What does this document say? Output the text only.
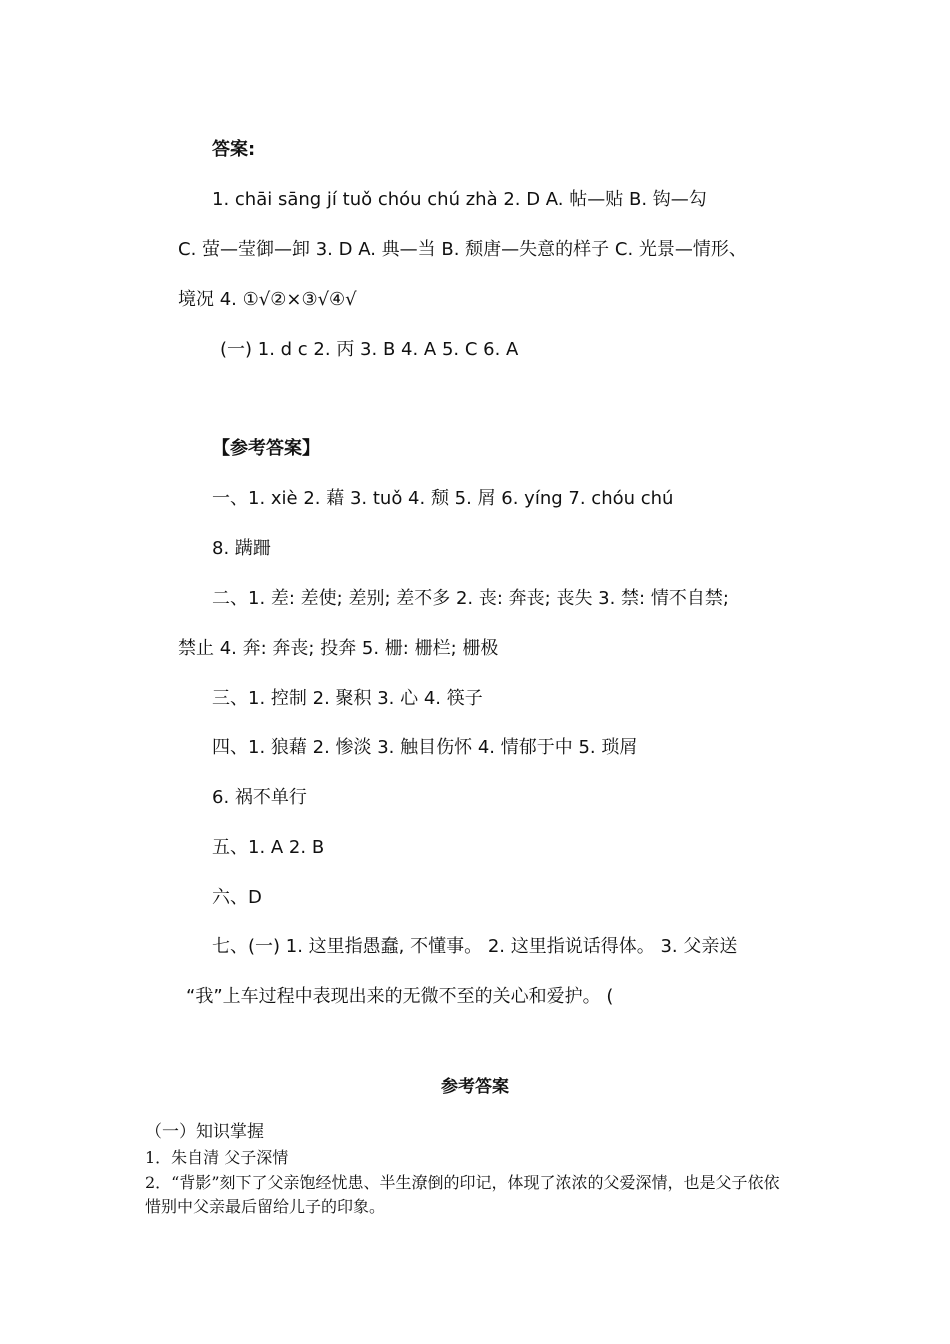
答案:
1. chāi sāng jí tuǒ chóu chú zhà 2. D A. 帖—贴 B. 钩—勾
C. 萤—莹御—卸 3. D A. 典—当 B. 颓唐—失意的样子 C. 光景—情形、
境况 4. ①√②×③√④√
(一) 1. d c 2. 丙 3. B 4. A 5. C 6. A
【参考答案】
一、1. xiè 2. 藉 3. tuǒ 4. 颓 5. 屑 6. yíng 7. chóu chú
8. 蹒跚
二、1. 差: 差使; 差别; 差不多 2. 丧: 奔丧; 丧失 3. 禁: 情不自禁;
禁止 4. 奔: 奔丧; 投奔 5. 栅: 栅栏; 栅极
三、1. 控制 2. 聚积 3. 心 4. 筷子
四、1. 狼藉 2. 惨淡 3. 触目伤怀 4. 情郁于中 5. 琐屑
6. 祸不单行
五、1. A 2. B
六、D
七、(一) 1. 这里指愚蠢, 不懂事。 2. 这里指说话得体。 3. 父亲送
“我”上车过程中表现出来的无微不至的关心和爱护。 (
参考答案
（一）知识掌握
1．朱自清 父子深情
2．“背影”刻下了父亲饱经忧患、半生潦倒的印记，体现了浓浓的父爱深情，也是父子依依
惜别中父亲最后留给儿子的印象。
